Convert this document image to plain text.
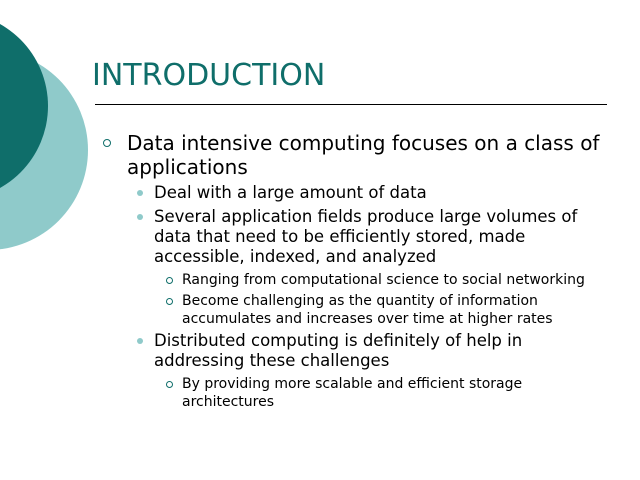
INTRODUCTION
Data intensive computing focuses on a class of applications
Deal with a large amount of data
Several application fields produce large volumes of data that need to be efficiently stored, made accessible, indexed, and analyzed
Ranging from computational science to social networking
Become challenging as the quantity of information accumulates and increases over time at higher rates
Distributed computing is definitely of help in addressing these challenges
By providing more scalable and efficient storage architectures
